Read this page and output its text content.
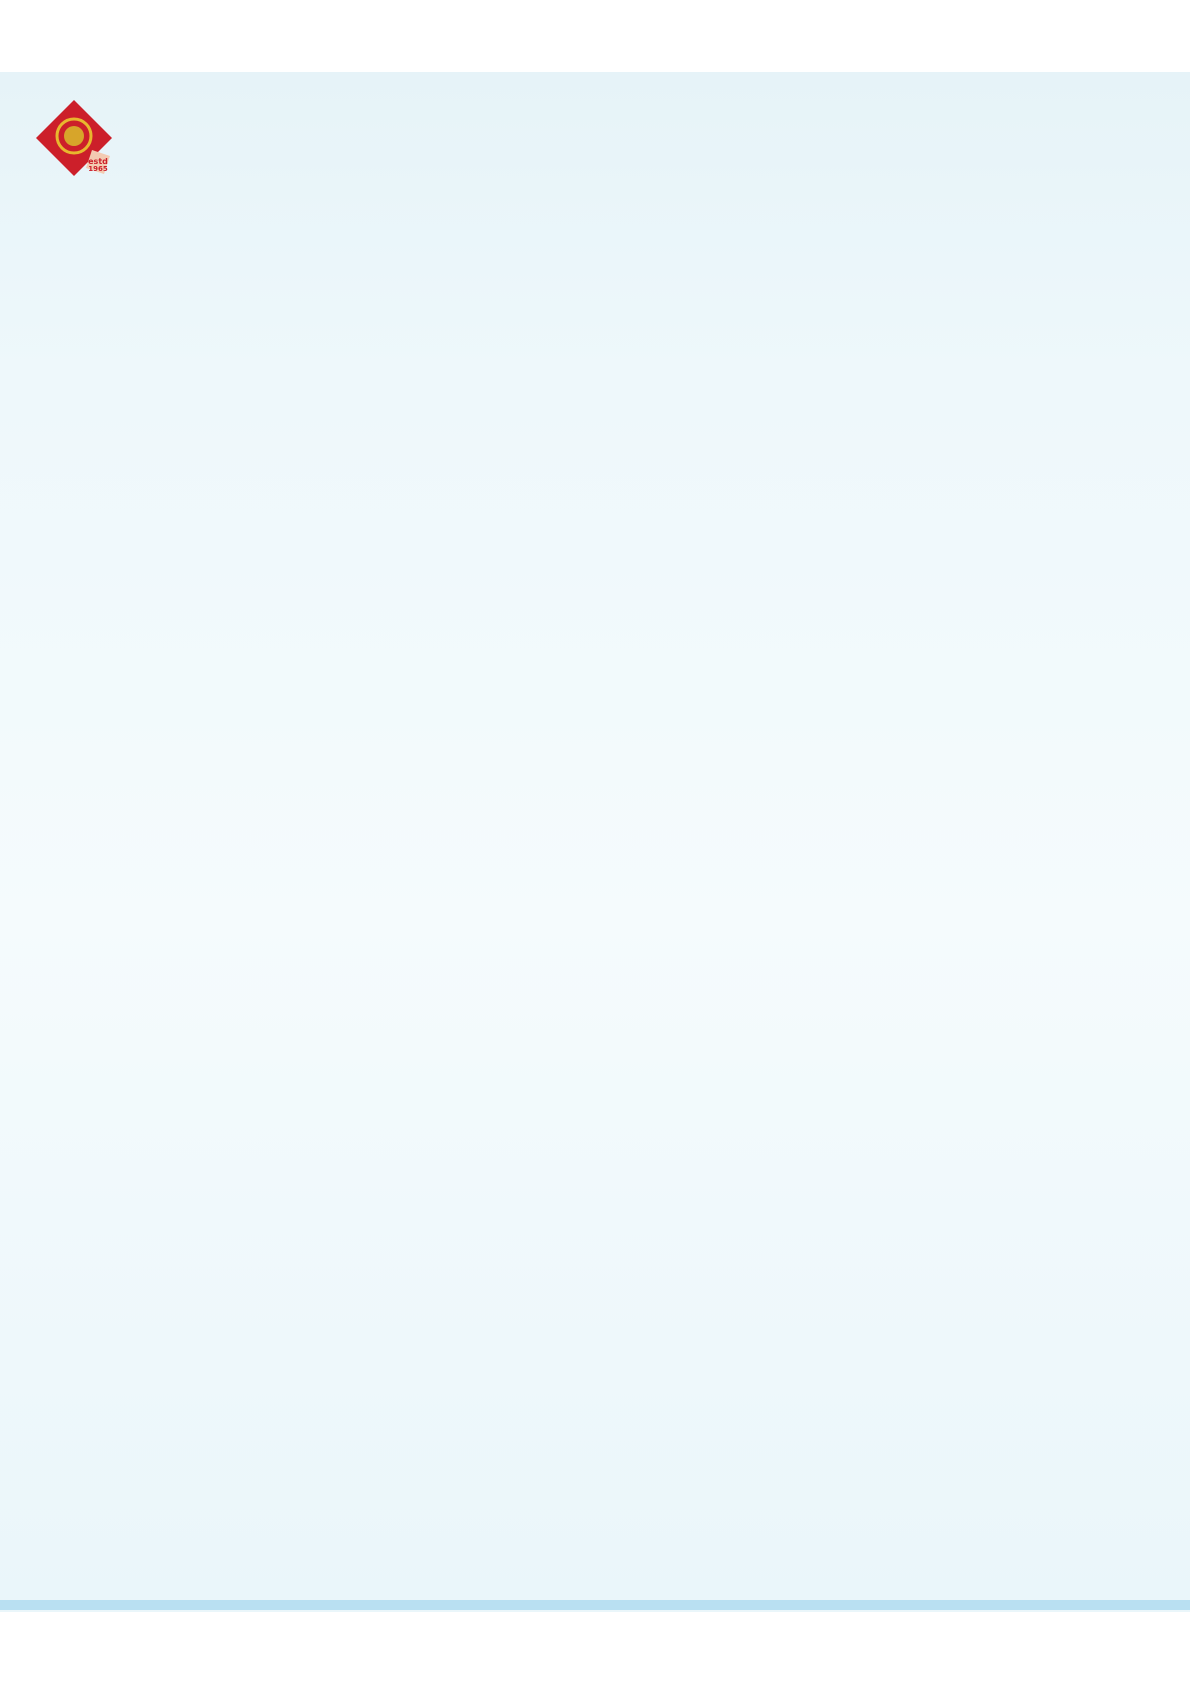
estd
1965
